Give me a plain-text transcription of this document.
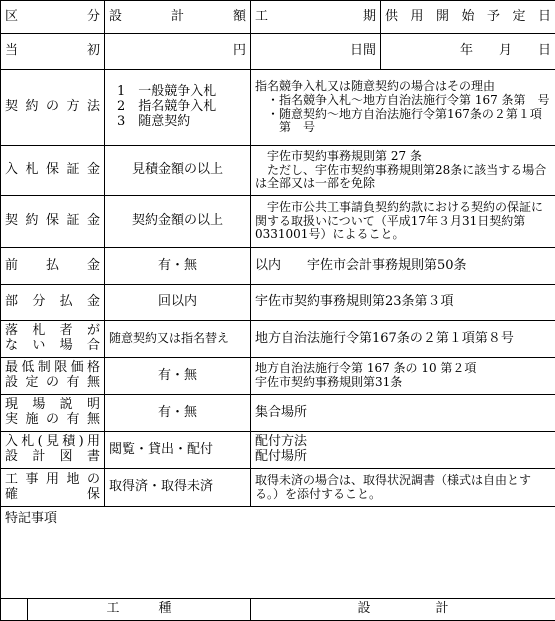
区　　分	設　計　額	工 期	供用開始予定日
当　初	円	日間	年　　月　　日
契約の方法	1　一般競争入札
2　指名競争入札
3　随意契約	指名競争入札又は随意契約の場合はその理由
・指名競争入札～地方自治法施行令第 167 条第　号
・随意契約～地方自治法施行令第167条の２第１項第　号	

入札保証金	見積金額の以上	宇佐市契約事務規則第 27 条
ただし、宇佐市契約事務規則第28条に該当する場合は全部又は一部を免除	

契約保証金	契約金額の以上	宇佐市公共工事請負契約約款における契約の保証に関する取扱いについて（平成17年３月31日契約第0331001号）によること。	

前　払　金	有・無	以内　　宇佐市会計事務規則第50条	
部分払金	回以内	宇佐市契約事務規則第23条第３項	

落札者が
ない場合	随意契約又は指名替え	地方自治法施行令第167条の２第１項第８号	

最低制限価格
設定の有無	有・無	地方自治法施行令第 167 条の 10 第２項
宇佐市契約事務規則第31条	

現場説明
実施の有無	有・無	集合場所	

入札(見積)用
設計図書	閲覧・貸出・配付	配付方法
配付場所	

工事用地の
確　　保	取得済・取得未済	取得未済の場合は、取得状況調書（様式は自由とする。）を添付すること。	
特記事項			
	工　　　種	設　　　　　計
